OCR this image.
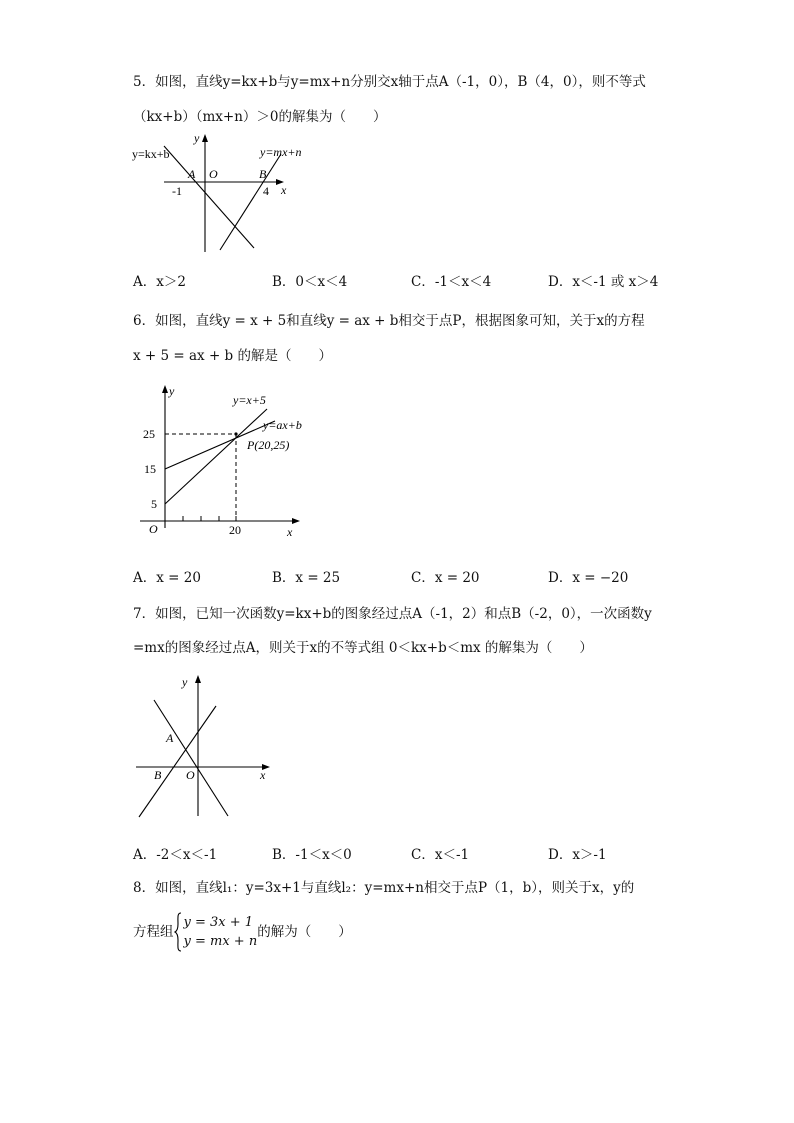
5．如图，直线y=kx+b与y=mx+n分别交x轴于点A（-1，0），B（4，0），则不等式
（kx+b）（mx+n）＞0的解集为（　　）
y=kx+b	y=mx+n
y
x
A O	B
-1	4
A．x＞2	B．0＜x＜4	C．-1＜x＜4	D．x＜-1 或 x＞4
6．如图，直线y = x + 5和直线y = ax + b相交于点P，根据图象可知，关于x的方程
x + 5 = ax + b 的解是（　　）
y
x
O
y=x+5
y=ax+b
P(20,25)
25
15
5
20
A．x = 20	B．x = 25	C．x = 20	D．x = −20
7．如图，已知一次函数y=kx+b的图象经过点A（-1，2）和点B（-2，0），一次函数y
=mx的图象经过点A，则关于x的不等式组 0＜kx+b＜mx 的解集为（　　）
y
x
A
B O
A．-2＜x＜-1	B．-1＜x＜0	C．x＜-1	D．x＞-1
8．如图，直线l₁：y=3x+1与直线l₂：y=mx+n相交于点P（1，b），则关于x，y的
方程组
y = 3x + 1
y = mx + n
的解为（　　）
